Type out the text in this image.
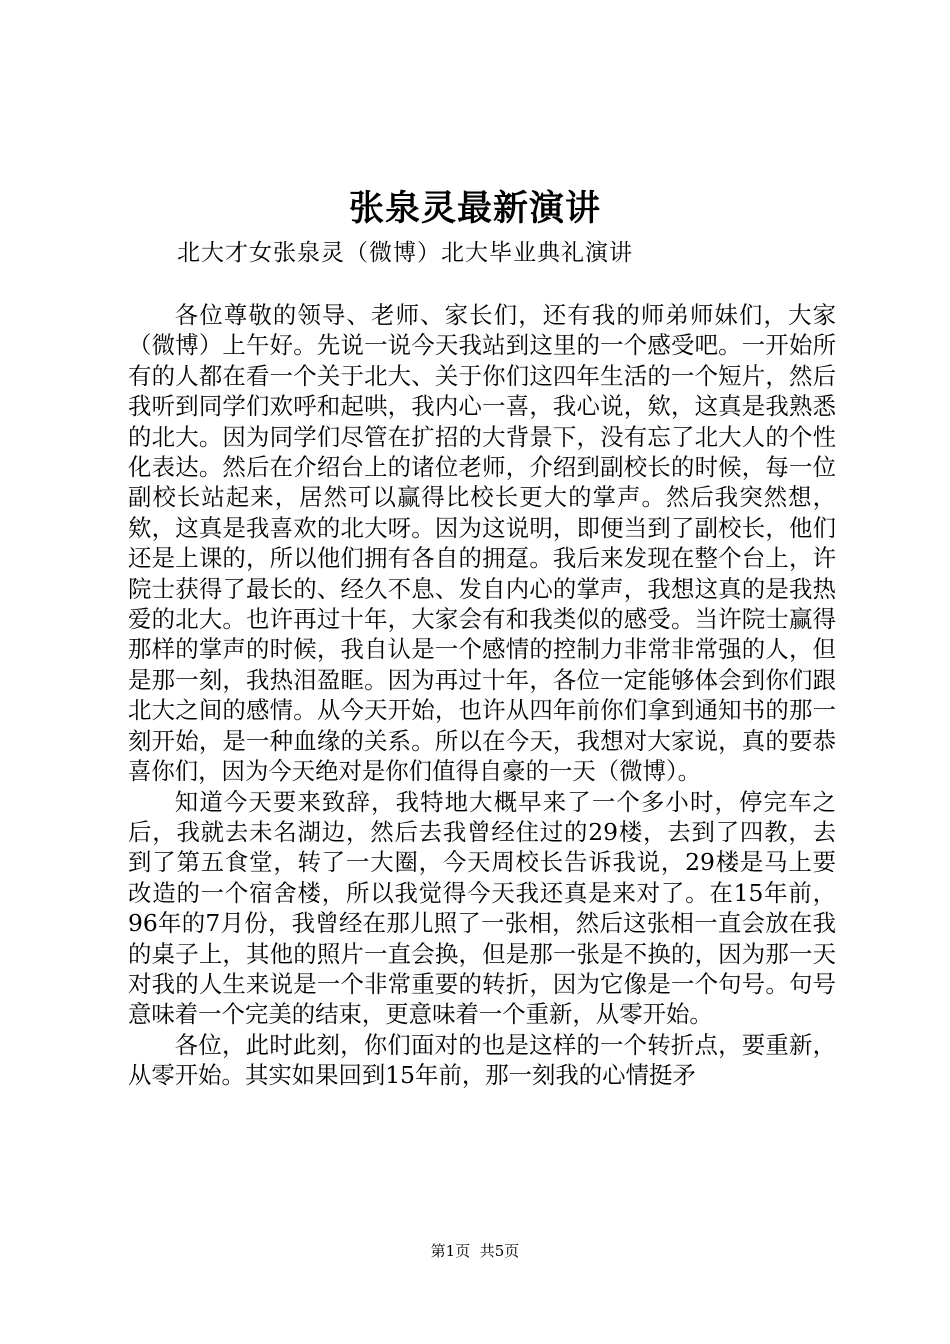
张泉灵最新演讲
北大才女张泉灵（微博）北大毕业典礼演讲

各位尊敬的领导、老师、家长们，还有我的师弟师妹们，大家（微博）上午好。先说一说今天我站到这里的一个感受吧。一开始所有的人都在看一个关于北大、关于你们这四年生活的一个短片，然后我听到同学们欢呼和起哄，我内心一喜，我心说，欸，这真是我熟悉的北大。因为同学们尽管在扩招的大背景下，没有忘了北大人的个性化表达。然后在介绍台上的诸位老师，介绍到副校长的时候，每一位副校长站起来，居然可以赢得比校长更大的掌声。然后我突然想，欸，这真是我喜欢的北大呀。因为这说明，即便当到了副校长，他们还是上课的，所以他们拥有各自的拥趸。我后来发现在整个台上，许院士获得了最长的、经久不息、发自内心的掌声，我想这真的是我热爱的北大。也许再过十年，大家会有和我类似的感受。当许院士赢得那样的掌声的时候，我自认是一个感情的控制力非常非常强的人，但是那一刻，我热泪盈眶。因为再过十年，各位一定能够体会到你们跟北大之间的感情。从今天开始，也许从四年前你们拿到通知书的那一刻开始，是一种血缘的关系。所以在今天，我想对大家说，真的要恭喜你们，因为今天绝对是你们值得自豪的一天（微博）。

知道今天要来致辞，我特地大概早来了一个多小时，停完车之后，我就去未名湖边，然后去我曾经住过的29楼，去到了四教，去到了第五食堂，转了一大圈，今天周校长告诉我说，29楼是马上要改造的一个宿舍楼，所以我觉得今天我还真是来对了。在15年前，96年的7月份，我曾经在那儿照了一张相，然后这张相一直会放在我的桌子上，其他的照片一直会换，但是那一张是不换的，因为那一天对我的人生来说是一个非常重要的转折，因为它像是一个句号。句号意味着一个完美的结束，更意味着一个重新，从零开始。

各位，此时此刻，你们面对的也是这样的一个转折点，要重新，从零开始。其实如果回到15年前，那一刻我的心情挺矛

第1页 共5页
